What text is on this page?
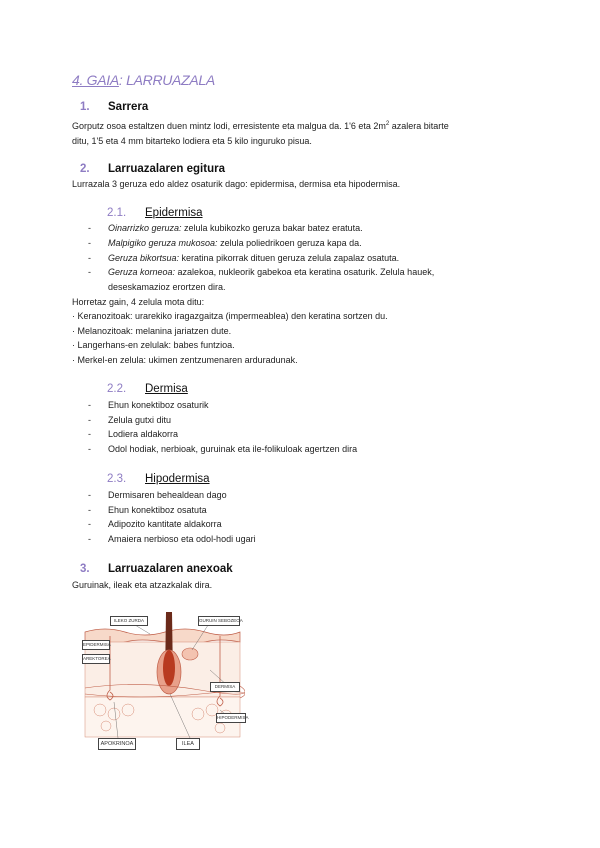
4. GAIA: LARRUAZALA
1. Sarrera
Gorputz osoa estaltzen duen mintz lodi, erresistente eta malgua da. 1'6 eta $2m^2$ azalera bitarte
ditu, 1'5 eta 4 mm bitarteko lodiera eta 5 kilo inguruko pisua.
2. Larruazalaren egitura
Lurrazala 3 geruza edo aldez osaturik dago: epidermisa, dermisa eta hipodermisa.
2.1. Epidermisa
- Oinarrizko geruza: zelula kubikozko geruza bakar batez eratuta.
- Malpigiko geruza mukosoa: zelula poliedrikoen geruza kapa da.
- Geruza bikortsua: keratina pikorrak dituen geruza zelula zapalaz osatuta.
- Geruza korneoa: azalekoa, nukleorik gabekoa eta keratina osaturik. Zelula hauek,
deseskamazioz erortzen dira.
Horretaz gain, 4 zelula mota ditu:
· Keranozitoak: urarekiko iragazgaitza (impermeablea) den keratina sortzen du.
· Melanozitoak: melanina jariatzen dute.
· Langerhans-en zelulak: babes funtzioa.
· Merkel-en zelula: ukimen zentzumenaren arduradunak.
2.2. Dermisa
- Ehun konektiboz osaturik
- Zelula gutxi ditu
- Lodiera aldakorra
- Odol hodiak, nerbioak, guruinak eta ile-folikuloak agertzen dira
2.3. Hipodermisa
- Dermisaren behealdean dago
- Ehun konektiboz osatuta
- Adipozito kantitate aldakorra
- Amaiera nerbioso eta odol-hodi ugari
3. Larruazalaren anexoak
Guruinak, ileak eta atzazkalak dira.
ILEKO ZURDA	GURUIN SEBOZEOA
EPIDERMISA
DERMISA
HIPODERMISA
AREKTOREA
APOKRINOA	ILEA
